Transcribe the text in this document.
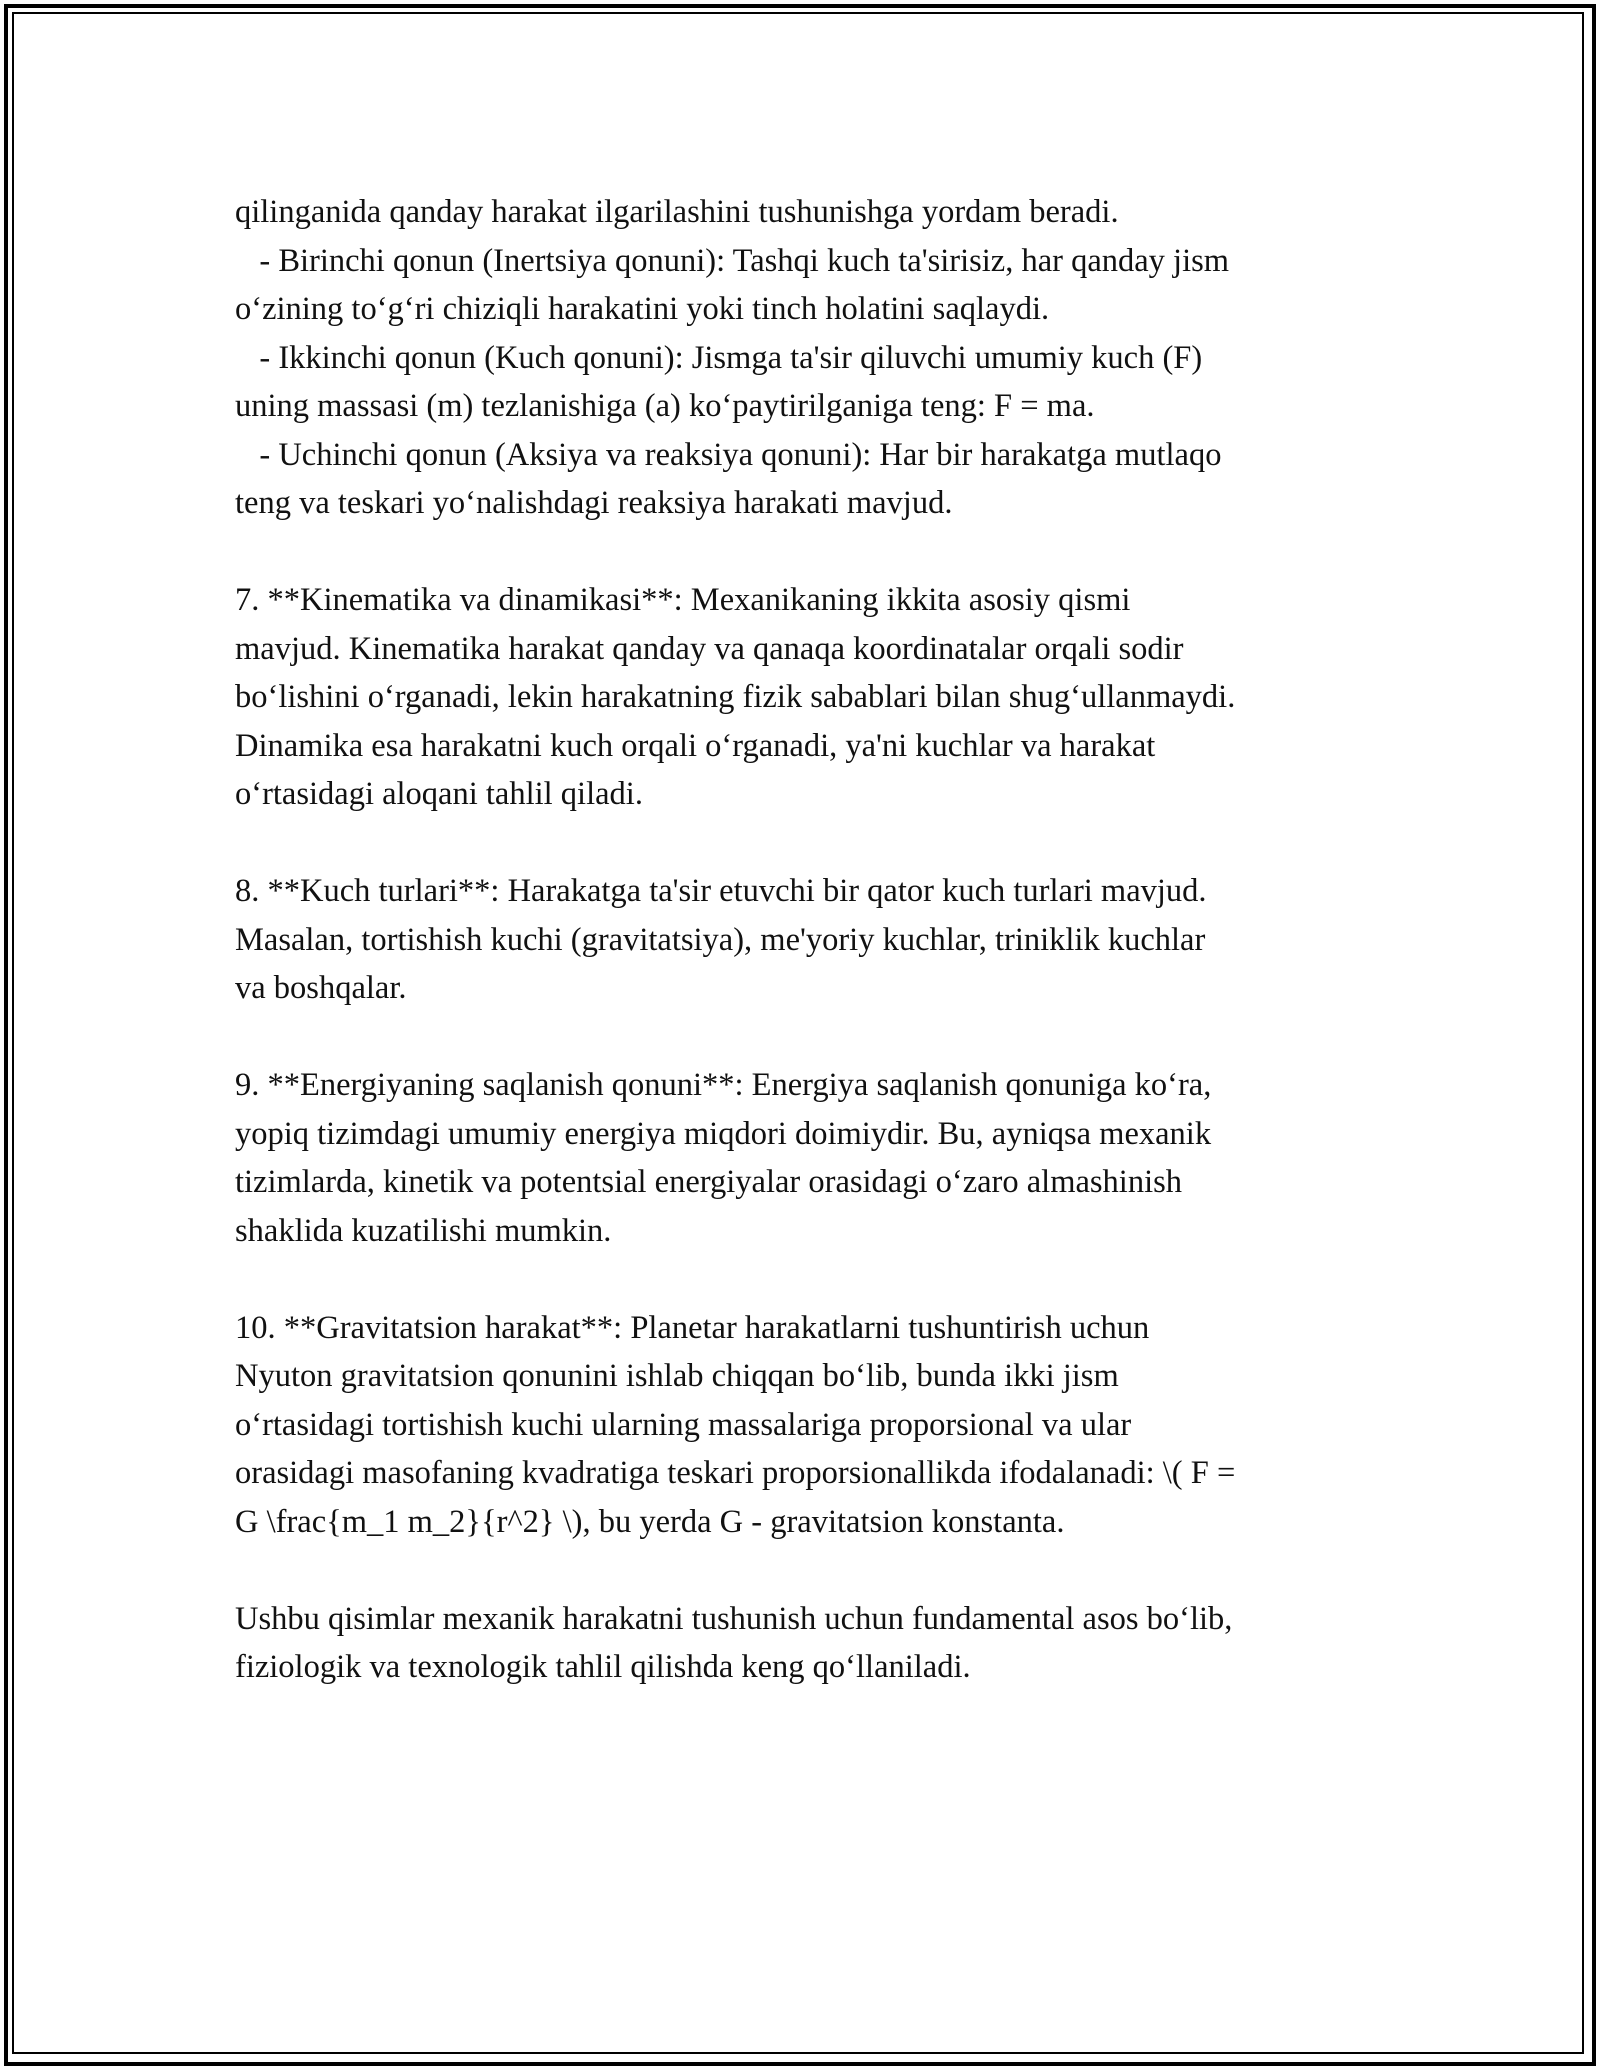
qilinganida qanday harakat ilgarilashini tushunishga yordam beradi.
- Birinchi qonun (Inertsiya qonuni): Tashqi kuch ta'sirisiz, har qanday jism
o‘zining to‘g‘ri chiziqli harakatini yoki tinch holatini saqlaydi.
- Ikkinchi qonun (Kuch qonuni): Jismga ta'sir qiluvchi umumiy kuch (F)
uning massasi (m) tezlanishiga (a) ko‘paytirilganiga teng: F = ma.
- Uchinchi qonun (Aksiya va reaksiya qonuni): Har bir harakatga mutlaqo
teng va teskari yo‘nalishdagi reaksiya harakati mavjud.
7. **Kinematika va dinamikasi**: Mexanikaning ikkita asosiy qismi
mavjud. Kinematika harakat qanday va qanaqa koordinatalar orqali sodir
bo‘lishini o‘rganadi, lekin harakatning fizik sabablari bilan shug‘ullanmaydi.
Dinamika esa harakatni kuch orqali o‘rganadi, ya'ni kuchlar va harakat
o‘rtasidagi aloqani tahlil qiladi.
8. **Kuch turlari**: Harakatga ta'sir etuvchi bir qator kuch turlari mavjud.
Masalan, tortishish kuchi (gravitatsiya), me'yoriy kuchlar, triniklik kuchlar
va boshqalar.
9. **Energiyaning saqlanish qonuni**: Energiya saqlanish qonuniga ko‘ra,
yopiq tizimdagi umumiy energiya miqdori doimiydir. Bu, ayniqsa mexanik
tizimlarda, kinetik va potentsial energiyalar orasidagi o‘zaro almashinish
shaklida kuzatilishi mumkin.
10. **Gravitatsion harakat**: Planetar harakatlarni tushuntirish uchun
Nyuton gravitatsion qonunini ishlab chiqqan bo‘lib, bunda ikki jism
o‘rtasidagi tortishish kuchi ularning massalariga proporsional va ular
orasidagi masofaning kvadratiga teskari proporsionallikda ifodalanadi: \( F =
G \frac{m_1 m_2}{r^2} \), bu yerda G - gravitatsion konstanta.
Ushbu qisimlar mexanik harakatni tushunish uchun fundamental asos bo‘lib,
fiziologik va texnologik tahlil qilishda keng qo‘llaniladi.
